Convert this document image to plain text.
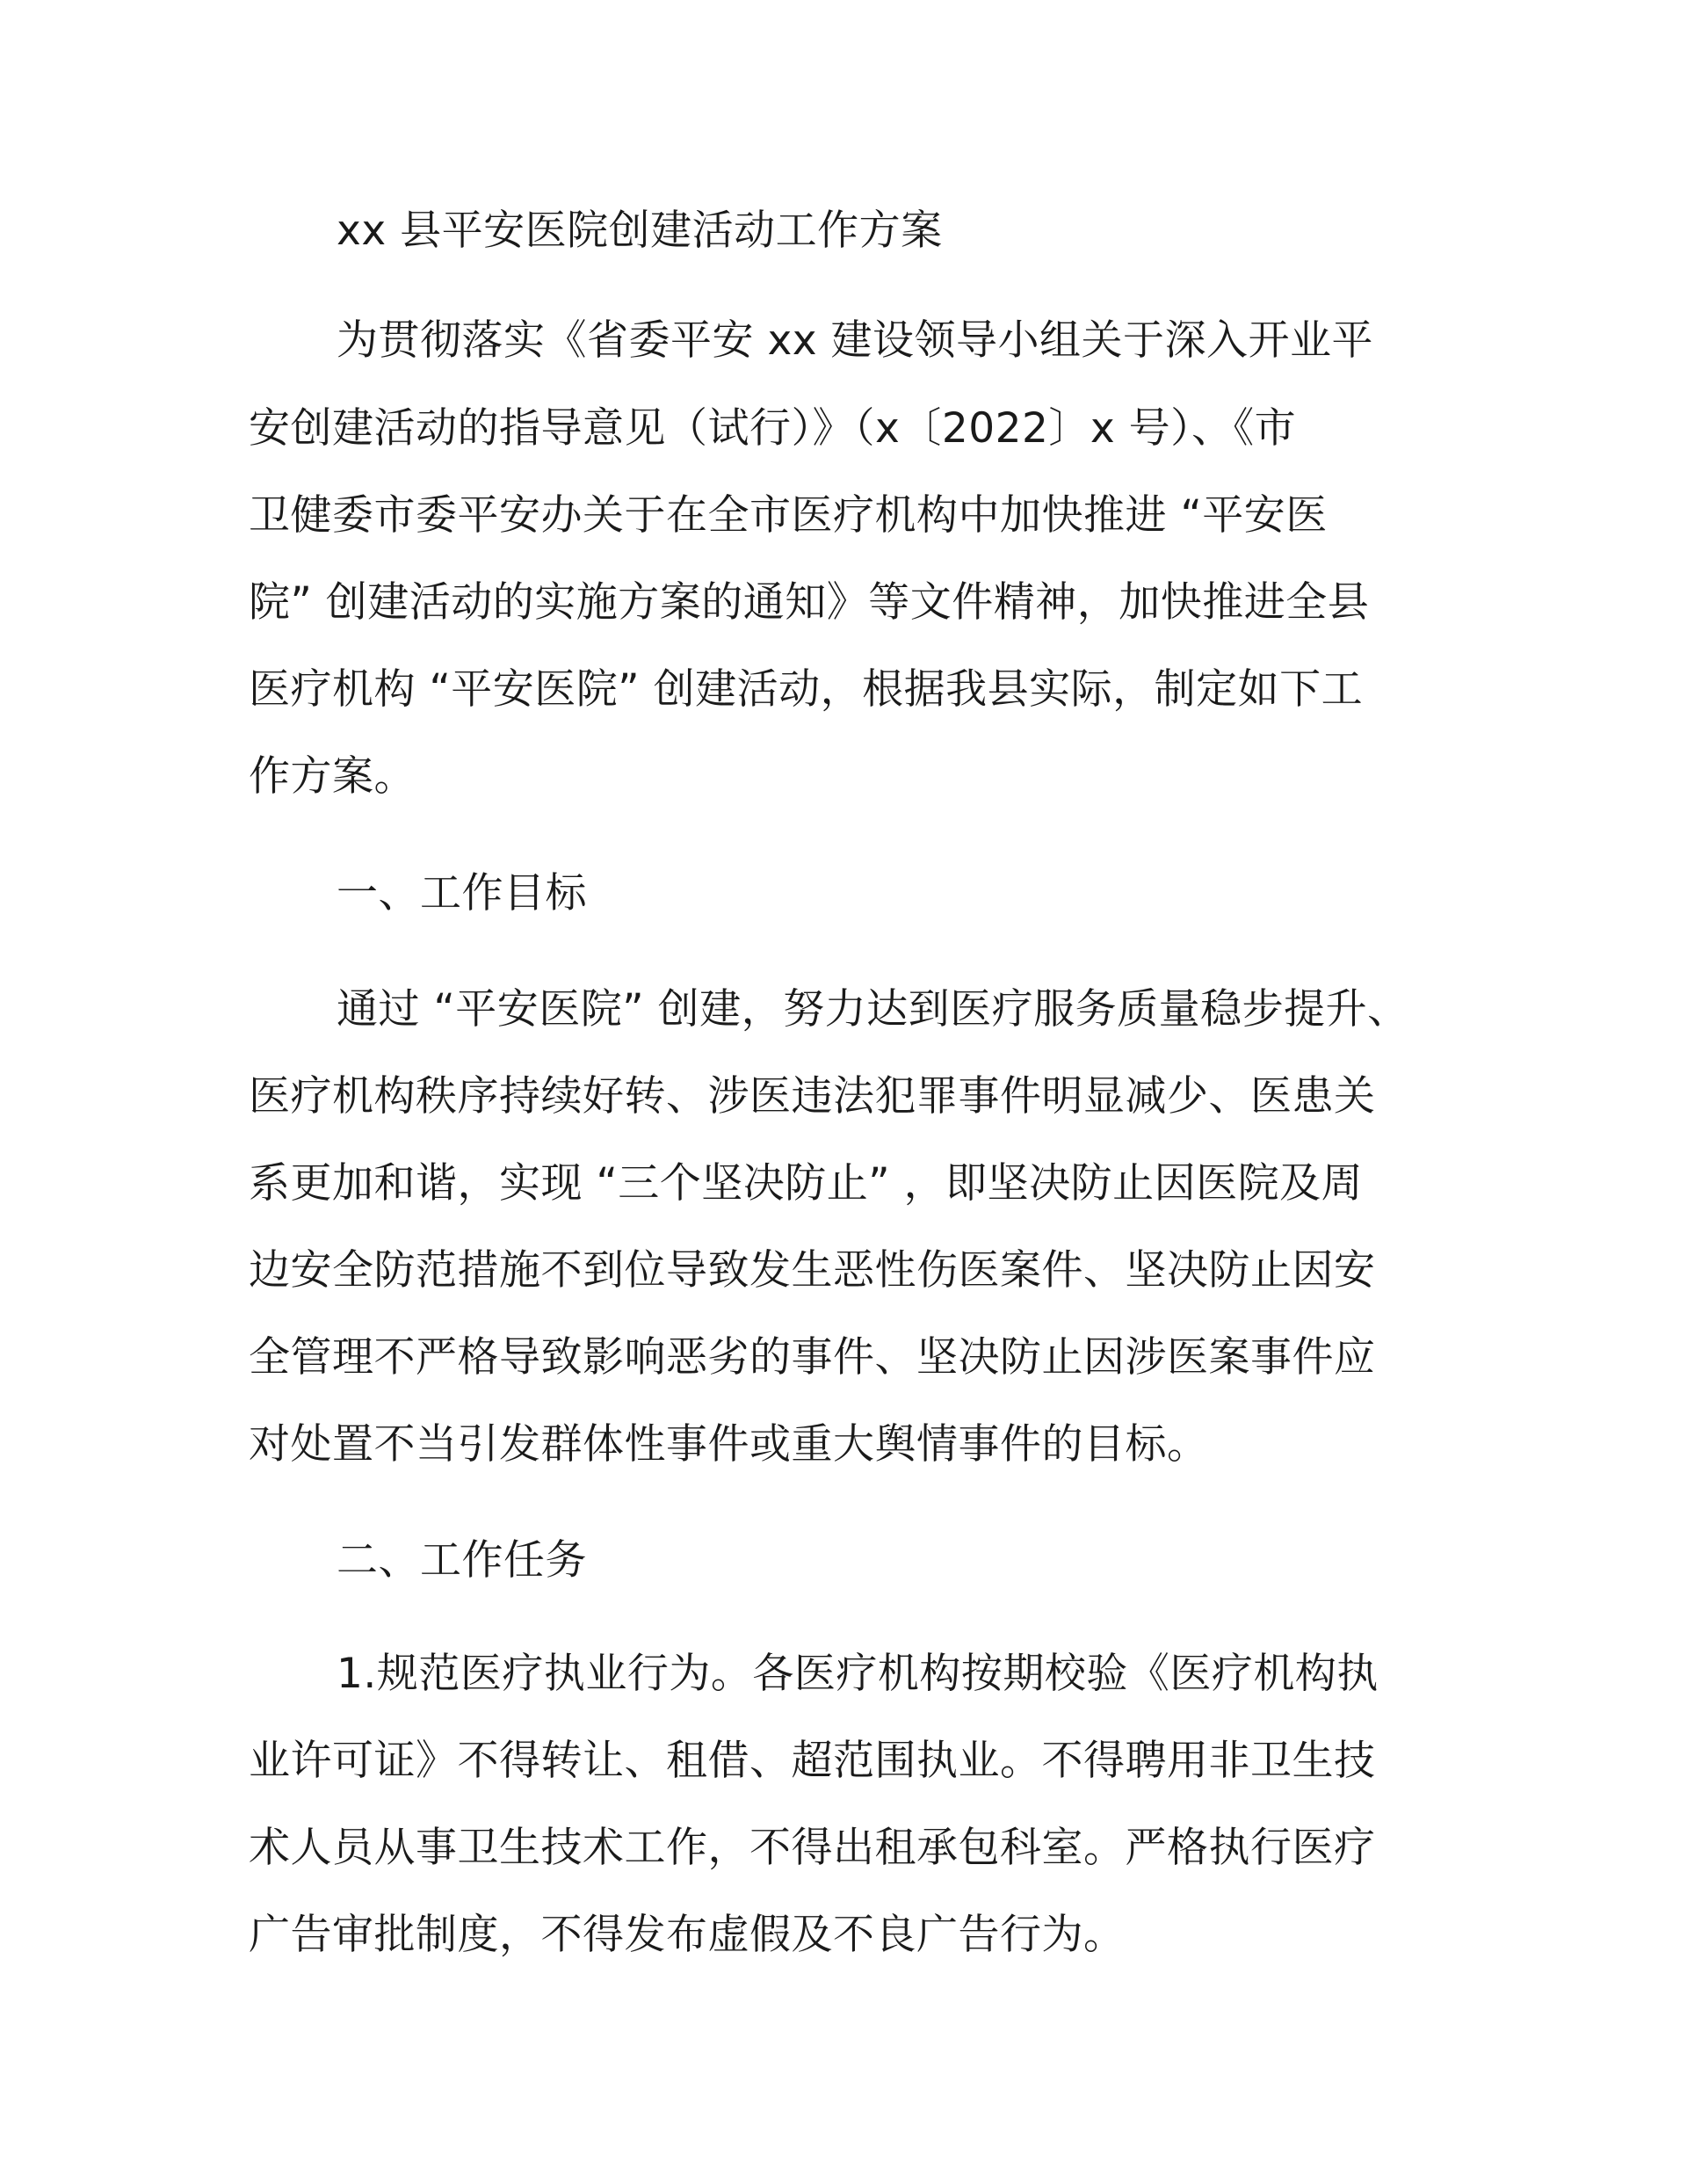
xx 县平安医院创建活动工作方案

为贯彻落实《省委平安 xx 建设领导小组关于深入开业平

安创建活动的指导意见（试行）》（x〔2022〕x 号）、《市

卫健委市委平安办关于在全市医疗机构中加快推进 “平安医

院” 创建活动的实施方案的通知》等文件精神，加快推进全县

医疗机构 “平安医院” 创建活动，根据我县实际，制定如下工

作方案。

一、工作目标

通过 “平安医院” 创建，努力达到医疗服务质量稳步提升、

医疗机构秩序持续好转、涉医违法犯罪事件明显减少、医患关

系更加和谐，实现 “三个坚决防止” ，即坚决防止因医院及周

边安全防范措施不到位导致发生恶性伤医案件、坚决防止因安

全管理不严格导致影响恶劣的事件、坚决防止因涉医案事件应

对处置不当引发群体性事件或重大舆情事件的目标。

二、工作任务

1.规范医疗执业行为。各医疗机构按期校验《医疗机构执

业许可证》不得转让、租借、超范围执业。不得聘用非卫生技

术人员从事卫生技术工作，不得出租承包科室。严格执行医疗

广告审批制度，不得发布虚假及不良广告行为。
